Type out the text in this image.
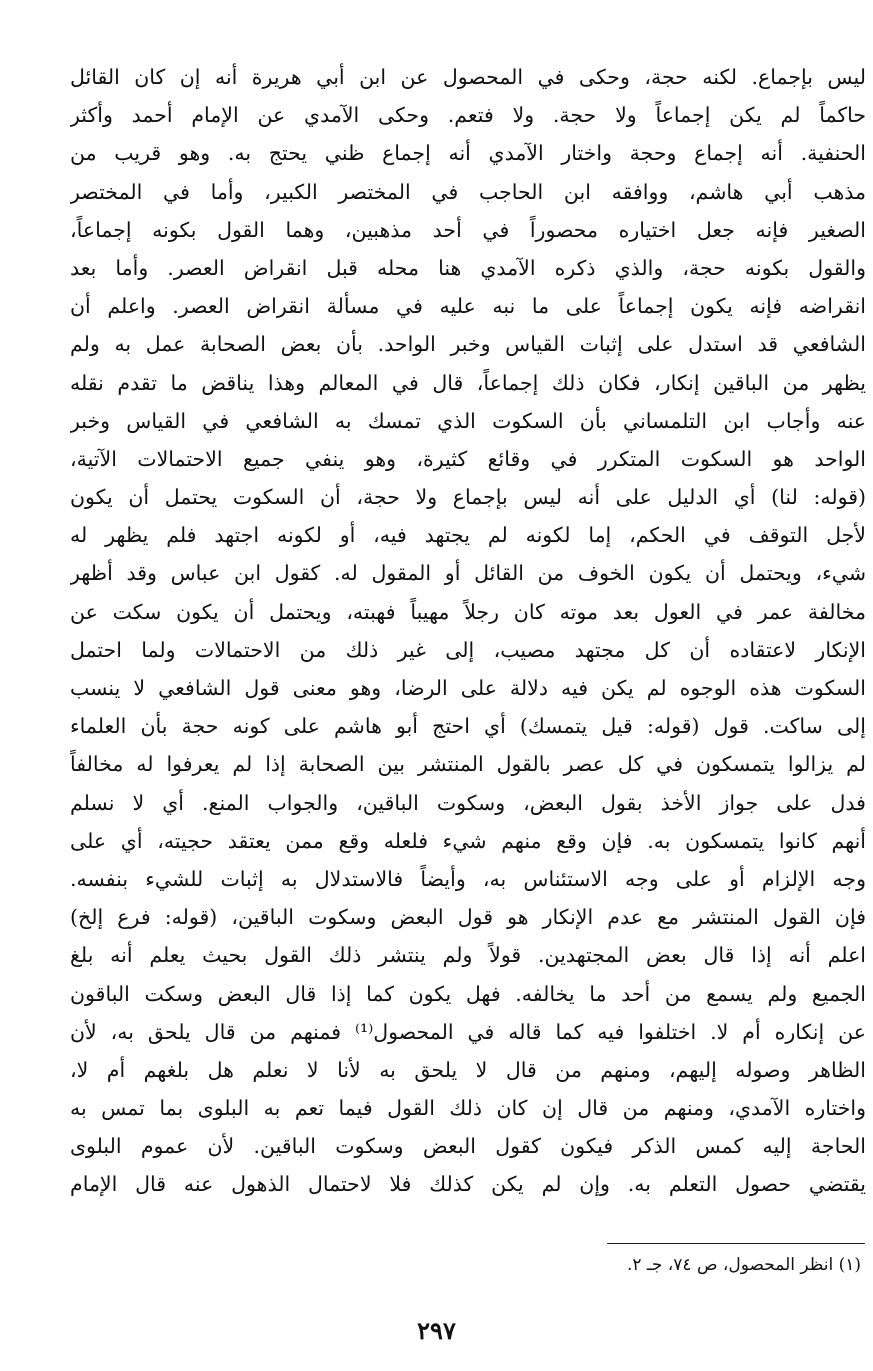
ليس بإجماع. لكنه حجة، وحكى في المحصول عن ابن أبي هريرة أنه إن كان القائل
حاكماً لم يكن إجماعاً ولا حجة. ولا فتعم. وحكى الآمدي عن الإمام أحمد وأكثر
الحنفية. أنه إجماع وحجة واختار الآمدي أنه إجماع ظني يحتج به. وهو قريب من
مذهب أبي هاشم، ووافقه ابن الحاجب في المختصر الكبير، وأما في المختصر
الصغير فإنه جعل اختياره محصوراً في أحد مذهبين، وهما القول بكونه إجماعاً،
والقول بكونه حجة، والذي ذكره الآمدي هنا محله قبل انقراض العصر. وأما بعد
انقراضه فإنه يكون إجماعاً على ما نبه عليه في مسألة انقراض العصر. واعلم أن
الشافعي قد استدل على إثبات القياس وخبر الواحد. بأن بعض الصحابة عمل به ولم
يظهر من الباقين إنكار، فكان ذلك إجماعاً، قال في المعالم وهذا يناقض ما تقدم نقله
عنه وأجاب ابن التلمساني بأن السكوت الذي تمسك به الشافعي في القياس وخبر
الواحد هو السكوت المتكرر في وقائع كثيرة، وهو ينفي جميع الاحتمالات الآتية،
(قوله: لنا) أي الدليل على أنه ليس بإجماع ولا حجة، أن السكوت يحتمل أن يكون
لأجل التوقف في الحكم، إما لكونه لم يجتهد فيه، أو لكونه اجتهد فلم يظهر له
شيء، ويحتمل أن يكون الخوف من القائل أو المقول له. كقول ابن عباس وقد أظهر
مخالفة عمر في العول بعد موته كان رجلاً مهيباً فهبته، ويحتمل أن يكون سكت عن
الإنكار لاعتقاده أن كل مجتهد مصيب، إلى غير ذلك من الاحتمالات ولما احتمل
السكوت هذه الوجوه لم يكن فيه دلالة على الرضا، وهو معنى قول الشافعي لا ينسب
إلى ساكت. قول (قوله: قيل يتمسك) أي احتج أبو هاشم على كونه حجة بأن العلماء
لم يزالوا يتمسكون في كل عصر بالقول المنتشر بين الصحابة إذا لم يعرفوا له مخالفاً
فدل على جواز الأخذ بقول البعض، وسكوت الباقين، والجواب المنع. أي لا نسلم
أنهم كانوا يتمسكون به. فإن وقع منهم شيء فلعله وقع ممن يعتقد حجيته، أي على
وجه الإلزام أو على وجه الاستئناس به، وأيضاً فالاستدلال به إثبات للشيء بنفسه.
فإن القول المنتشر مع عدم الإنكار هو قول البعض وسكوت الباقين، (قوله: فرع إلخ)
اعلم أنه إذا قال بعض المجتهدين. قولاً ولم ينتشر ذلك القول بحيث يعلم أنه بلغ
الجميع ولم يسمع من أحد ما يخالفه. فهل يكون كما إذا قال البعض وسكت الباقون
عن إنكاره أم لا. اختلفوا فيه كما قاله في المحصول⁽¹⁾ فمنهم من قال يلحق به، لأن
الظاهر وصوله إليهم، ومنهم من قال لا يلحق به لأنا لا نعلم هل بلغهم أم لا،
واختاره الآمدي، ومنهم من قال إن كان ذلك القول فيما تعم به البلوى بما تمس به
الحاجة إليه كمس الذكر فيكون كقول البعض وسكوت الباقين. لأن عموم البلوى
يقتضي حصول التعلم به. وإن لم يكن كذلك فلا لاحتمال الذهول عنه قال الإمام
(١) انظر المحصول، ص ٧٤، جـ ٢.
٢٩٧
